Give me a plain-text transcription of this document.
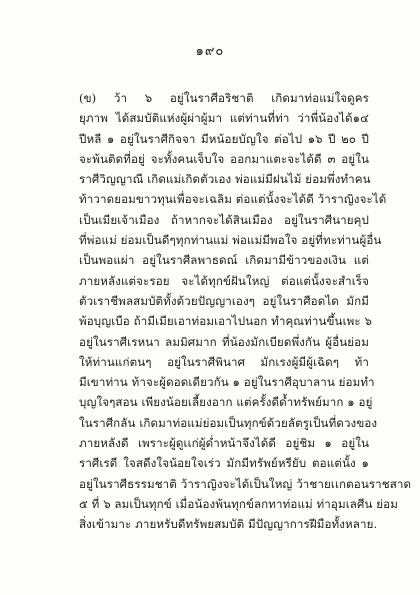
๑๙๐
(ข) ว้า ๖ อยู่ในราศีอริชาติ เกิดมาท่อแม่ใจดูคร
ยุภาพ ได้สมบัติแห่งผู้ผ่าผู้มา แต่ท่านที่ท่า ว่าพี่น้องได้๑๔
ปีหลี ๑ อยู่ในราศีกิจจา มีหน้อยบัญใจ ต่อไป ๑๖ ปี ๒๐ ปี
จะพ้นติดที่อยู่ จะทั้งคนเจ็บใจ ออกมาแตะจะได้ดี ๓ อยู่ใน
ราศีวิญญาณี เกิดแม่เกิดตัวเอง พ่อแม่มีฝนไม้ ย่อมพึ่งทำคน
ท้าวาดยอมขาวทุนเพื่อจะเฉลิม ต่อแต่นั้งจะได้ดี ว้าราญิงจะได้
เป็นเมียเจ้าเมือง ถ้าหากจะได้สินเมือง อยู่ในราศีนายคุป
ที่พ่อแม่ ย่อมเป็นดีๆทุกท่านแม่ พ่อแม่มีพอใจ อยู่ที่ทะท่านผู้อื่น
เป็นพอแผ่า อยู่ในราศีลพาธดณ์ เกิดมามีข้าวของเงิน แต่
ภายหลังแต่จะรอย จะได้ทุกข์ฝันใหญ่ ต่อแต่นั้งจะสำเร็จ
ตัวเราชีพลสมบัติทั้งด้วยปัญญาเองๆ อยู่ในราศีอดได มักมี
พ้อบุญเบือ ถ้ามีเมียเอาท่อมเอาไปนอก ทำคุณท่านขึ้นเพะ ๖
อยู่ในราศีเรหนา ลมมิศมาก ที่น้องมักเบียดพึ่งกัน ผู้อื่นย่อม
ให้ท่านแก่ตนๆ อยู่ในราศีพินาศ มักเรงผู้มีผู้เฉิดๆ ท้า
มีเขาท่าน ท้าจะผู้ดอดเดียวกัน ๑ อยู่ในราศีอุบาลาน ย่อมทำ
บุญใจๆสอน เพียงน้อยเลี้ยงอาก แต่ครั้งดีด้ำทรัพย์มาก ๑ อยู่
ในราศีกลัน เกิดมาท่อแม่ย่อมเป็นทุกข์ด้วยลัตรูเป็นที่ดวงของ
ภายหลังดี เพราะผู้ดูเเก่ผู้ด่ำหน้าจึงได้ดี อยู่ชิม ๑ อยู่ใน
ราศีเรดี ใจสดีงใจน้อยใจเร่ว มักมีทรัพย์หรียับ ตอแต่นั้ง ๑
อยู่ในราศีธรรมชาติ ว้าราญิงจะได้เป็นใหญ่ ว้าชายเเกตอนราชสาด
๕ ที่ ๖ ลมเป็นทุกข์ เมื่อน้องพ้นทุกข์ลกทาท่อแม่ ท่าอุมเลศีน ย่อม
สิ่งเข้ามาะ ภายหรับดีทรัพยสมบัติ มีปัญญาการฝีมือทั้งหลาย.
